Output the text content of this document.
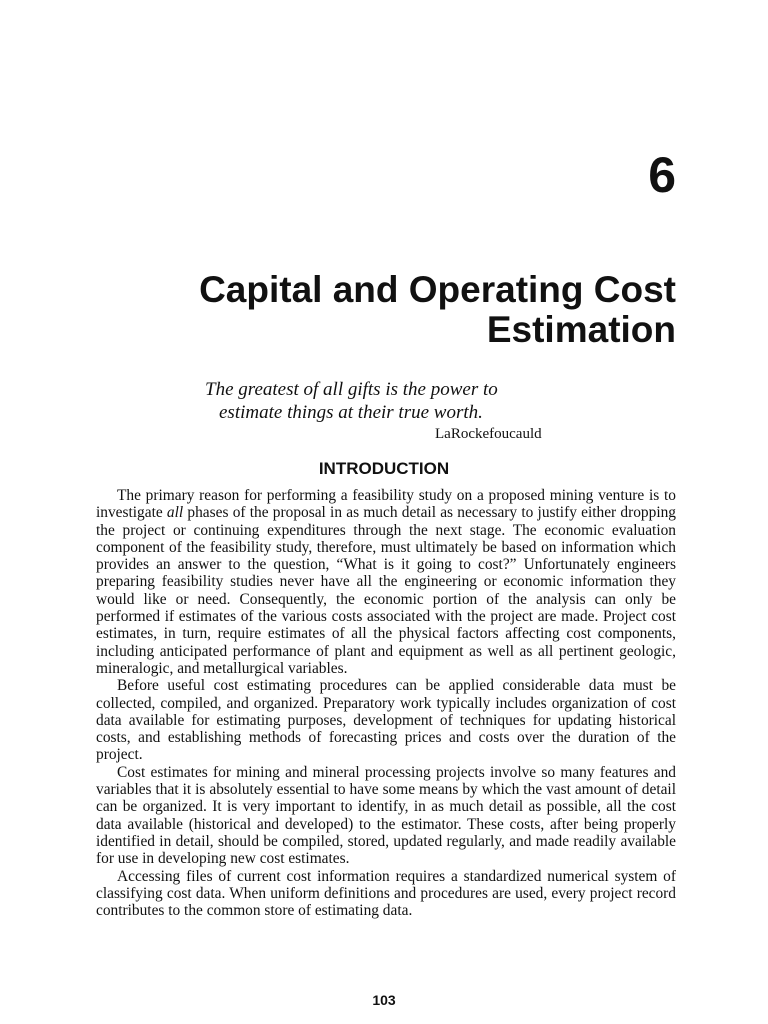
6
Capital and Operating Cost
Estimation
The greatest of all gifts is the power to
estimate things at their true worth.
LaRockefoucauld
INTRODUCTION

The primary reason for performing a feasibility study on a proposed mining venture is to investigate all phases of the proposal in as much detail as necessary to justify either dropping the project or continuing expenditures through the next stage. The economic evaluation component of the feasibility study, therefore, must ultimately be based on information which provides an answer to the question, “What is it going to cost?” Unfortunately engineers preparing feasibility studies never have all the engineering or economic information they would like or need. Consequently, the economic portion of the analysis can only be performed if estimates of the various costs associated with the project are made. Project cost estimates, in turn, require estimates of all the physical factors affecting cost components, including anticipated performance of plant and equipment as well as all pertinent geologic, mineralogic, and metallurgical variables.

Before useful cost estimating procedures can be applied considerable data must be collected, compiled, and organized. Preparatory work typically includes organization of cost data available for estimating purposes, development of techniques for updating historical costs, and establishing methods of forecasting prices and costs over the duration of the project.

Cost estimates for mining and mineral processing projects involve so many features and variables that it is absolutely essential to have some means by which the vast amount of detail can be organized. It is very important to identify, in as much detail as possible, all the cost data available (historical and developed) to the estimator. These costs, after being properly identified in detail, should be compiled, stored, updated regularly, and made readily available for use in developing new cost estimates.

Accessing files of current cost information requires a standardized numerical system of classifying cost data. When uniform definitions and procedures are used, every project record contributes to the common store of estimating data.

103
